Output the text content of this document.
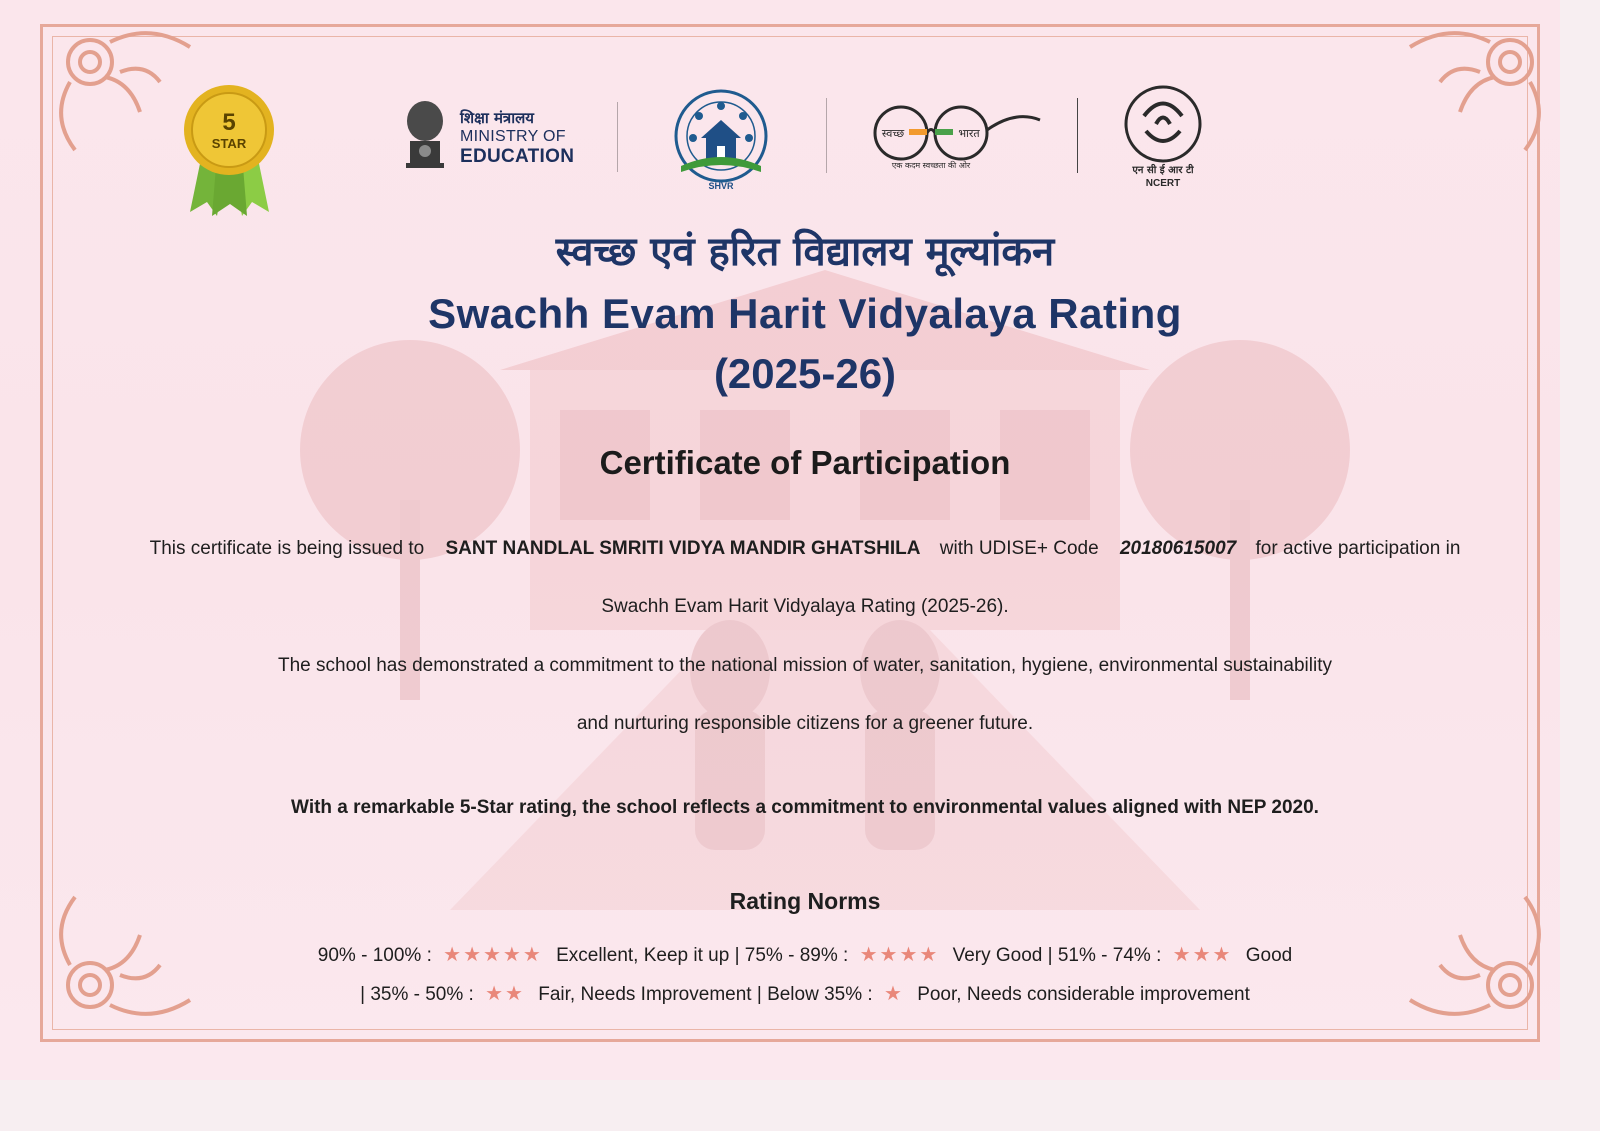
5
STAR
शिक्षा मंत्रालय
MINISTRY OF
EDUCATION
SHVR
स्वच्छ	भारत
एक कदम स्वच्छता की ओर	एन सी ई आर टी
NCERT
स्वच्छ एवं हरित विद्यालय मूल्यांकन
Swachh Evam Harit Vidyalaya Rating
(2025-26)
Certificate of Participation
This certificate is being issued to SANT NANDLAL SMRITI VIDYA MANDIR GHATSHILA with UDISE+ Code 20180615007 for active participation in
Swachh Evam Harit Vidyalaya Rating (2025-26).
The school has demonstrated a commitment to the national mission of water, sanitation, hygiene, environmental sustainability
and nurturing responsible citizens for a greener future.
With a remarkable 5-Star rating, the school reflects a commitment to environmental values aligned with NEP 2020.
Rating Norms
90% - 100% : ★★★★★ Excellent, Keep it up | 75% - 89% : ★★★★ Very Good | 51% - 74% : ★★★ Good
| 35% - 50% : ★★ Fair, Needs Improvement | Below 35% : ★ Poor, Needs considerable improvement
